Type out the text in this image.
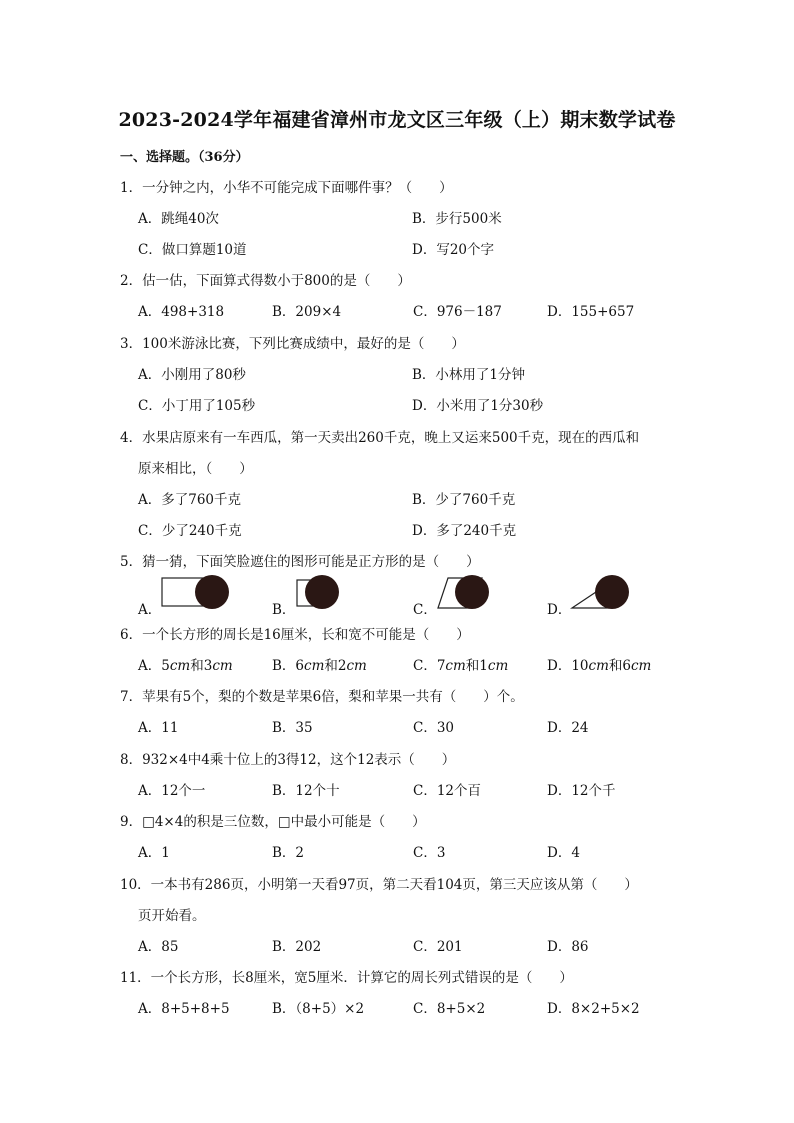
2023-2024学年福建省漳州市龙文区三年级（上）期末数学试卷
一、选择题。（36分）
1．一分钟之内，小华不可能完成下面哪件事？（　　）
A．跳绳40次	B．步行500米
C．做口算题10道	D．写20个字
2．估一估，下面算式得数小于800的是（　　）
A．498+318	B．209×4	C．976－187	D．155+657
3．100米游泳比赛，下列比赛成绩中，最好的是（　　）
A．小刚用了80秒	B．小林用了1分钟
C．小丁用了105秒	D．小米用了1分30秒
4．水果店原来有一车西瓜，第一天卖出260千克，晚上又运来500千克，现在的西瓜和
原来相比，（　　）
A．多了760千克	B．少了760千克
C．少了240千克	D．多了240千克
5．猜一猜，下面笑脸遮住的图形可能是正方形的是（　　）
A．	B．	C．	D．
6．一个长方形的周长是16厘米，长和宽不可能是（　　）
A．5cm和3cm	B．6cm和2cm	C．7cm和1cm	D．10cm和6cm
7．苹果有5个，梨的个数是苹果6倍，梨和苹果一共有（　　）个。
A．11	B．35	C．30	D．24
8．932×4中4乘十位上的3得12，这个12表示（　　）
A．12个一	B．12个十	C．12个百	D．12个千
9．□4×4的积是三位数，□中最小可能是（　　）
A．1	B．2	C．3	D．4
10．一本书有286页，小明第一天看97页，第二天看104页，第三天应该从第（　　）
页开始看。
A．85	B．202	C．201	D．86
11．一个长方形，长8厘米，宽5厘米．计算它的周长列式错误的是（　　）
A．8+5+8+5	B．（8+5）×2	C．8+5×2	D．8×2+5×2
